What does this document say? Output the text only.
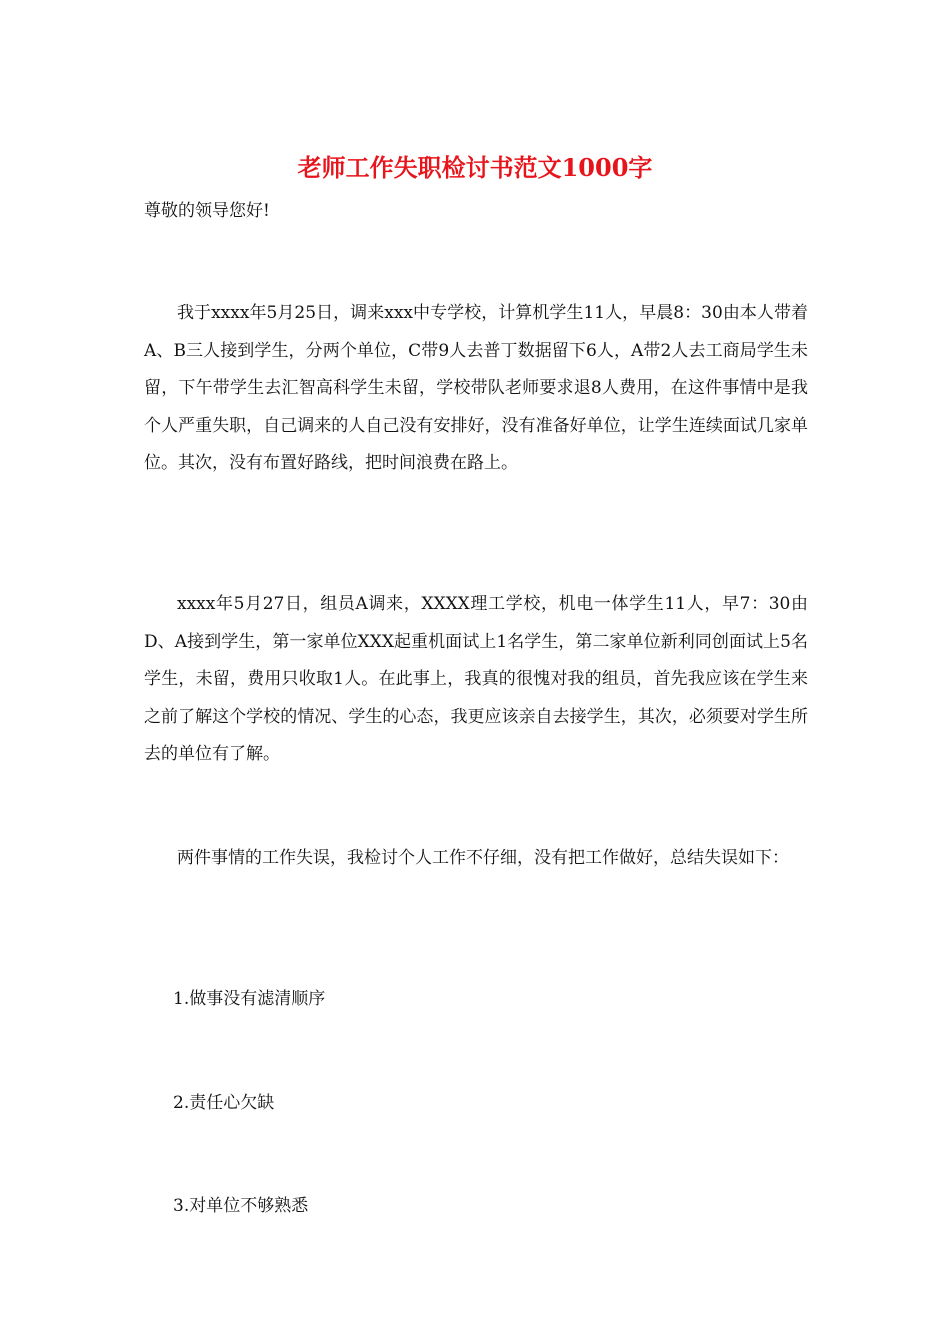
老师工作失职检讨书范文1000字

尊敬的领导您好!

我于xxxx年5月25日，调来xxx中专学校，计算机学生11人，早晨8：30由本人带着A、B三人接到学生，分两个单位，C带9人去普丁数据留下6人，A带2人去工商局学生未留，下午带学生去汇智高科学生未留，学校带队老师要求退8人费用，在这件事情中是我个人严重失职，自己调来的人自己没有安排好，没有准备好单位，让学生连续面试几家单位。其次，没有布置好路线，把时间浪费在路上。

xxxx年5月27日，组员A调来，XXXX理工学校，机电一体学生11人，早7：30由D、A接到学生，第一家单位XXX起重机面试上1名学生，第二家单位新利同创面试上5名学生，未留，费用只收取1人。在此事上，我真的很愧对我的组员，首先我应该在学生来之前了解这个学校的情况、学生的心态，我更应该亲自去接学生，其次，必须要对学生所去的单位有了解。

两件事情的工作失误，我检讨个人工作不仔细，没有把工作做好，总结失误如下：

1.做事没有滤清顺序

2.责任心欠缺

3.对单位不够熟悉
